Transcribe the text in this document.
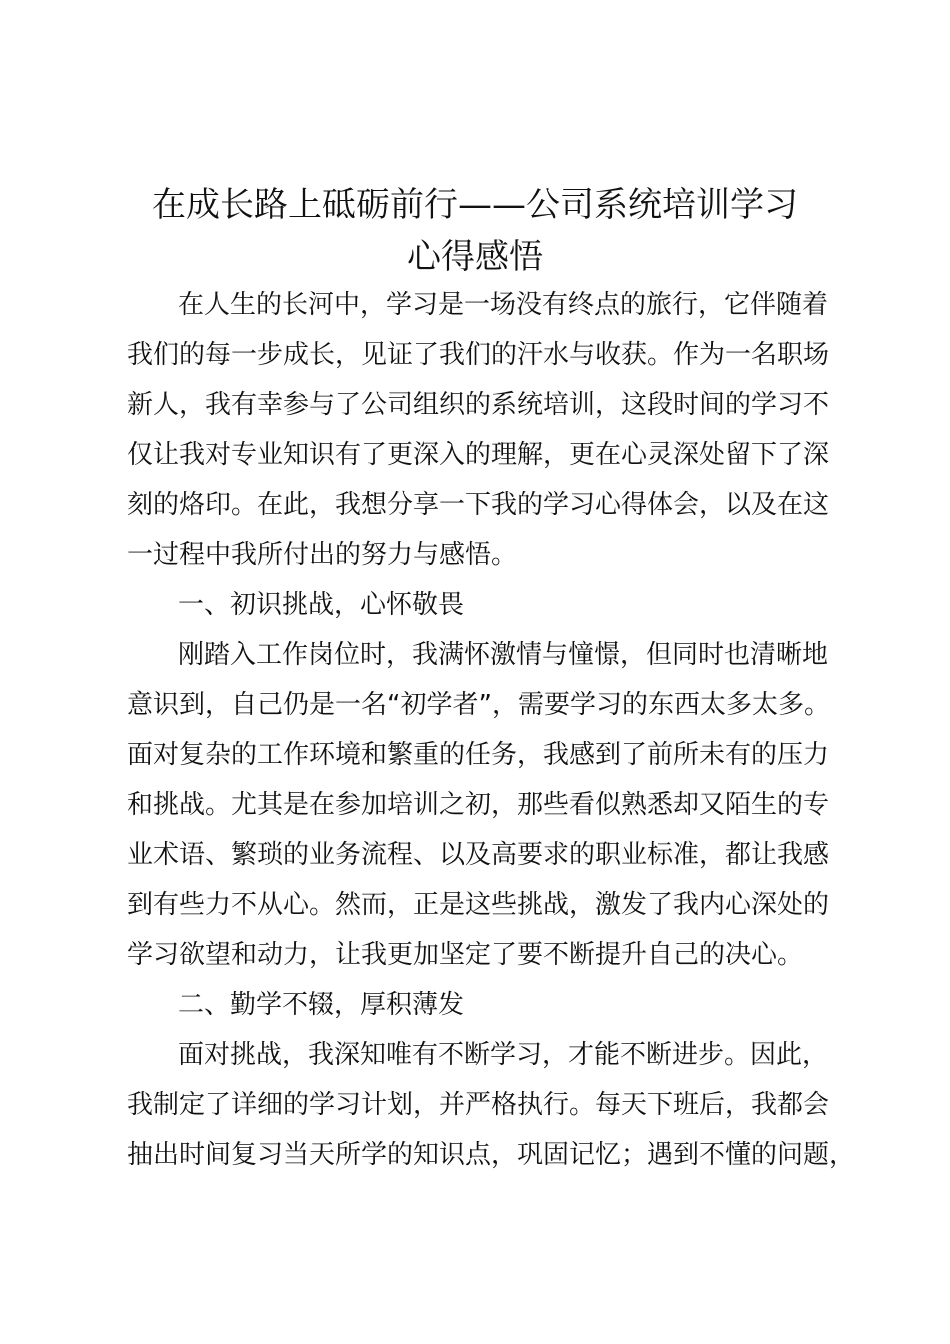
在成长路上砥砺前行——公司系统培训学习
心得感悟

在人生的长河中，学习是一场没有终点的旅行，它伴随着

我们的每一步成长，见证了我们的汗水与收获。作为一名职场

新人，我有幸参与了公司组织的系统培训，这段时间的学习不

仅让我对专业知识有了更深入的理解，更在心灵深处留下了深

刻的烙印。在此，我想分享一下我的学习心得体会，以及在这

一过程中我所付出的努力与感悟。

一、初识挑战，心怀敬畏

刚踏入工作岗位时，我满怀激情与憧憬，但同时也清晰地

意识到，自己仍是一名“初学者”，需要学习的东西太多太多。

面对复杂的工作环境和繁重的任务，我感到了前所未有的压力

和挑战。尤其是在参加培训之初，那些看似熟悉却又陌生的专

业术语、繁琐的业务流程、以及高要求的职业标准，都让我感

到有些力不从心。然而，正是这些挑战，激发了我内心深处的

学习欲望和动力，让我更加坚定了要不断提升自己的决心。

二、勤学不辍，厚积薄发

面对挑战，我深知唯有不断学习，才能不断进步。因此，

我制定了详细的学习计划，并严格执行。每天下班后，我都会

抽出时间复习当天所学的知识点，巩固记忆；遇到不懂的问题，
